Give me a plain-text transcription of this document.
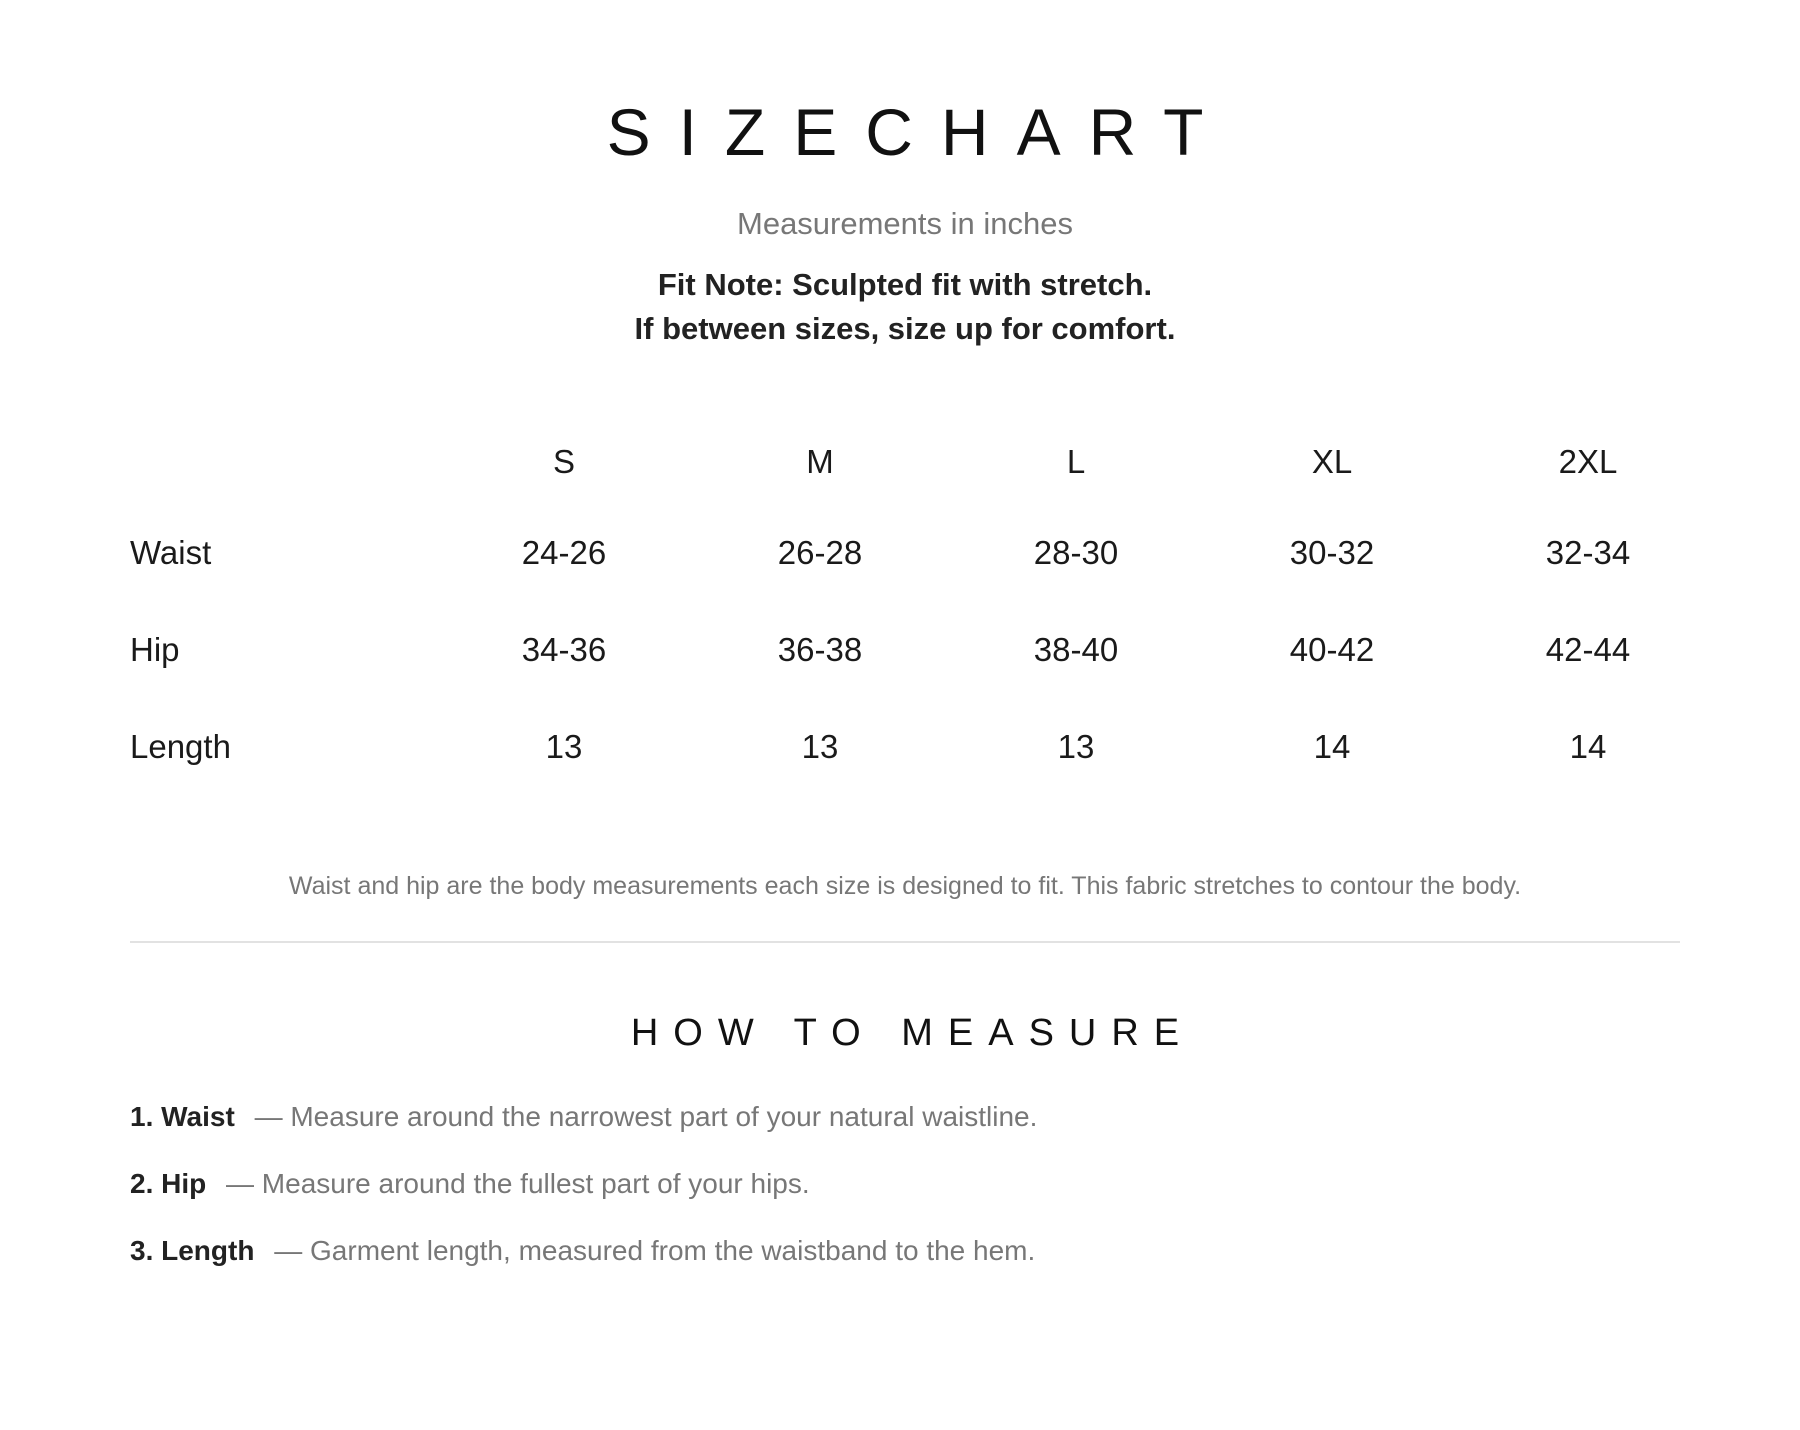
SIZECHART
Measurements in inches
Fit Note: Sculpted fit with stretch.
If between sizes, size up for comfort.
	S	M	L	XL	2XL
Waist	24-26	26-28	28-30	30-32	32-34
Hip	34-36	36-38	38-40	40-42	42-44
Length	13	13	13	14	14
Waist and hip are the body measurements each size is designed to fit. This fabric stretches to contour the body.
HOW TO MEASURE
1. Waist — Measure around the narrowest part of your natural waistline.
2. Hip — Measure around the fullest part of your hips.
3. Length — Garment length, measured from the waistband to the hem.
